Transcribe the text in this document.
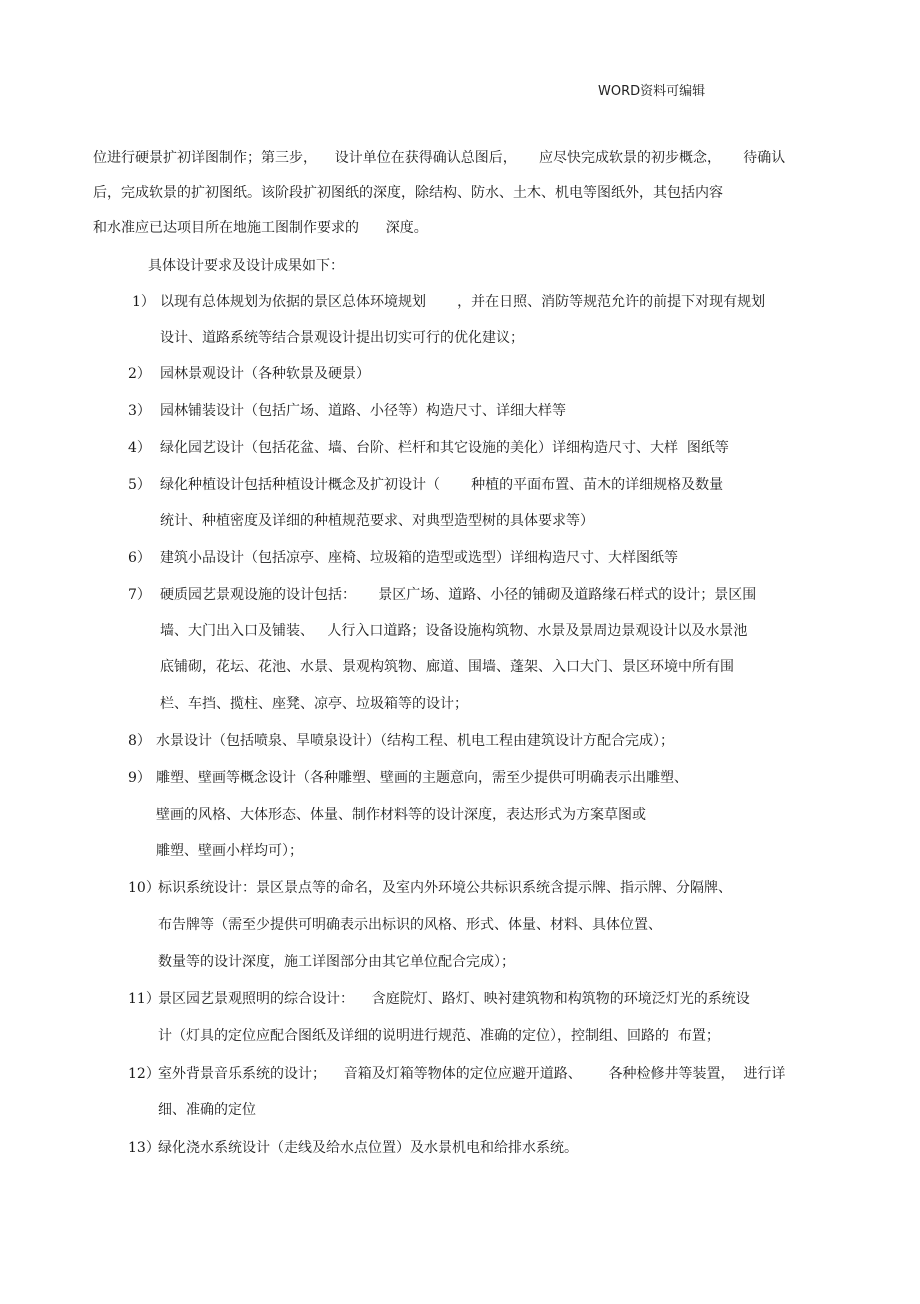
WORD资料可编辑
位进行硬景扩初详图制作；第三步，    设计单位在获得确认总图后，     应尽快完成软景的初步概念，     待确认
后，完成软景的扩初图纸。该阶段扩初图纸的深度，除结构、防水、土木、机电等图纸外，其包括内容
和水准应已达项目所在地施工图制作要求的      深度。
具体设计要求及设计成果如下：
1） 以现有总体规划为依据的景区总体环境规划       ，并在日照、消防等规范允许的前提下对现有规划
设计、道路系统等结合景观设计提出切实可行的优化建议；
2） 园林景观设计（各种软景及硬景）
3） 园林铺装设计（包括广场、道路、小径等）构造尺寸、详细大样等
4） 绿化园艺设计（包括花盆、墙、台阶、栏杆和其它设施的美化）详细构造尺寸、大样  图纸等
5） 绿化种植设计包括种植设计概念及扩初设计（       种植的平面布置、苗木的详细规格及数量
统计、种植密度及详细的种植规范要求、对典型造型树的具体要求等）
6） 建筑小品设计（包括凉亭、座椅、垃圾箱的造型或选型）详细构造尺寸、大样图纸等
7） 硬质园艺景观设施的设计包括：     景区广场、道路、小径的铺砌及道路缘石样式的设计；景区围
墙、大门出入口及铺装、   人行入口道路；设备设施构筑物、水景及景周边景观设计以及水景池
底铺砌，花坛、花池、水景、景观构筑物、廊道、围墙、蓬架、入口大门、景区环境中所有围
栏、车挡、揽柱、座凳、凉亭、垃圾箱等的设计；
8） 水景设计（包括喷泉、旱喷泉设计）（结构工程、机电工程由建筑设计方配合完成）；
9） 雕塑、壁画等概念设计（各种雕塑、壁画的主题意向，需至少提供可明确表示出雕塑、
壁画的风格、大体形态、体量、制作材料等的设计深度，表达形式为方案草图或
雕塑、壁画小样均可）；
10）
标识系统设计：景区景点等的命名，及室内外环境公共标识系统含提示牌、指示牌、分隔牌、
布告牌等（需至少提供可明确表示出标识的风格、形式、体量、材料、具体位置、
数量等的设计深度，施工详图部分由其它单位配合完成）；
11）
景区园艺景观照明的综合设计：    含庭院灯、路灯、映衬建筑物和构筑物的环境泛灯光的系统设
计（灯具的定位应配合图纸及详细的说明进行规范、准确的定位），控制组、回路的  布置；
12）
室外背景音乐系统的设计；    音箱及灯箱等物体的定位应避开道路、      各种检修井等装置，  进行详
细、准确的定位
13）
绿化浇水系统设计（走线及给水点位置）及水景机电和给排水系统。
